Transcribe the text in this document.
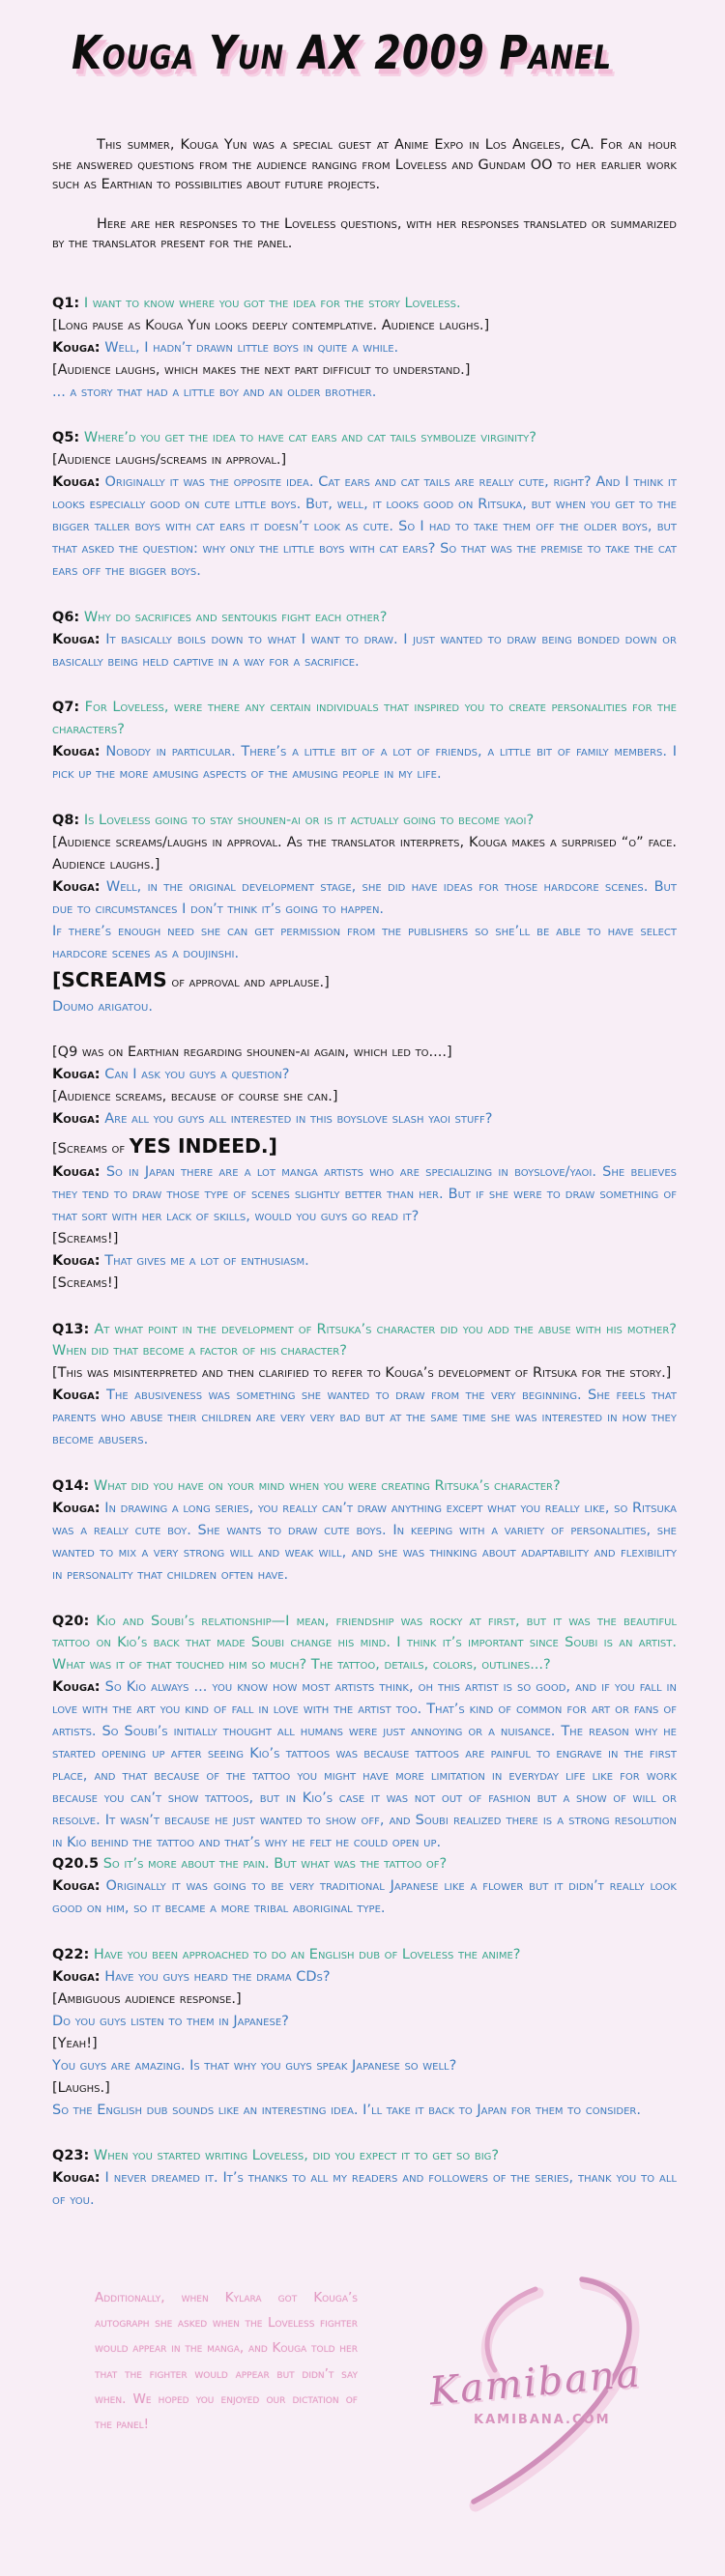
Kouga Yun AX 2009 Panel

This summer, Kouga Yun was a special guest at Anime Expo in Los Angeles, CA. For an hour she answered questions from the audience ranging from Loveless and Gundam OO to her earlier work such as Earthian to possibilities about future projects.

Here are her responses to the Loveless questions, with her responses translated or summarized by the translator present for the panel.

Q1: I want to know where you got the idea for the story Loveless.

[Long pause as Kouga Yun looks deeply contemplative. Audience laughs.]

Kouga: Well, I hadn’t drawn little boys in quite a while.

[Audience laughs, which makes the next part difficult to understand.]

... a story that had a little boy and an older brother.

Q5: Where’d you get the idea to have cat ears and cat tails symbolize virginity?

[Audience laughs/screams in approval.]

Kouga: Originally it was the opposite idea. Cat ears and cat tails are really cute, right? And I think it looks especially good on cute little boys. But, well, it looks good on Ritsuka, but when you get to the bigger taller boys with cat ears it doesn’t look as cute. So I had to take them off the older boys, but that asked the question: why only the little boys with cat ears? So that was the premise to take the cat ears off the bigger boys.

Q6: Why do sacrifices and sentoukis fight each other?

Kouga: It basically boils down to what I want to draw. I just wanted to draw being bonded down or basically being held captive in a way for a sacrifice.

Q7: For Loveless, were there any certain individuals that inspired you to create personalities for the characters?

Kouga: Nobody in particular. There’s a little bit of a lot of friends, a little bit of family members. I pick up the more amusing aspects of the amusing people in my life.

Q8: Is Loveless going to stay shounen-ai or is it actually going to become yaoi?

[Audience screams/laughs in approval. As the translator interprets, Kouga makes a surprised “o” face. Audience laughs.]

Kouga: Well, in the original development stage, she did have ideas for those hardcore scenes. But due to circumstances I don’t think it’s going to happen.

If there’s enough need she can get permission from the publishers so she’ll be able to have select hardcore scenes as a doujinshi.

[SCREAMS of approval and applause.]

Doumo arigatou.

[Q9 was on Earthian regarding shounen-ai again, which led to....]

Kouga: Can I ask you guys a question?

[Audience screams, because of course she can.]

Kouga: Are all you guys all interested in this boyslove slash yaoi stuff?

[Screams of YES INDEED.]

Kouga: So in Japan there are a lot manga artists who are specializing in boyslove/yaoi. She believes they tend to draw those type of scenes slightly better than her. But if she were to draw something of that sort with her lack of skills, would you guys go read it?

[Screams!]

Kouga: That gives me a lot of enthusiasm.

[Screams!]

Q13: At what point in the development of Ritsuka’s character did you add the abuse with his mother? When did that become a factor of his character?

[This was misinterpreted and then clarified to refer to Kouga’s development of Ritsuka for the story.]

Kouga: The abusiveness was something she wanted to draw from the very beginning. She feels that parents who abuse their children are very very bad but at the same time she was interested in how they become abusers.

Q14: What did you have on your mind when you were creating Ritsuka’s character?

Kouga: In drawing a long series, you really can’t draw anything except what you really like, so Ritsuka was a really cute boy. She wants to draw cute boys. In keeping with a variety of personalities, she wanted to mix a very strong will and weak will, and she was thinking about adaptability and flexibility in personality that children often have.

Q20: Kio and Soubi’s relationship—I mean, friendship was rocky at first, but it was the beautiful tattoo on Kio’s back that made Soubi change his mind. I think it’s important since Soubi is an artist. What was it of that touched him so much? The tattoo, details, colors, outlines...?

Kouga: So Kio always ... you know how most artists think, oh this artist is so good, and if you fall in love with the art you kind of fall in love with the artist too. That’s kind of common for art or fans of artists. So Soubi’s initially thought all humans were just annoying or a nuisance. The reason why he started opening up after seeing Kio’s tattoos was because tattoos are painful to engrave in the first place, and that because of the tattoo you might have more limitation in everyday life like for work because you can’t show tattoos, but in Kio’s case it was not out of fashion but a show of will or resolve. It wasn’t because he just wanted to show off, and Soubi realized there is a strong resolution in Kio behind the tattoo and that’s why he felt he could open up.

Q20.5 So it’s more about the pain. But what was the tattoo of?

Kouga: Originally it was going to be very traditional Japanese like a flower but it didn’t really look good on him, so it became a more tribal aboriginal type.

Q22: Have you been approached to do an English dub of Loveless the anime?

Kouga: Have you guys heard the drama CDs?

[Ambiguous audience response.]

Do you guys listen to them in Japanese?

[Yeah!]

You guys are amazing. Is that why you guys speak Japanese so well?

[Laughs.]

So the English dub sounds like an interesting idea. I’ll take it back to Japan for them to consider.

Q23: When you started writing Loveless, did you expect it to get so big?

Kouga: I never dreamed it. It’s thanks to all my readers and followers of the series, thank you to all of you.

Additionally, when Kylara got Kouga’s autograph she asked when the Loveless fighter would appear in the manga, and Kouga told her that the fighter would appear but didn’t say when. We hoped you enjoyed our dictation of the panel!

Kamibana
KAMIBANA.COM
